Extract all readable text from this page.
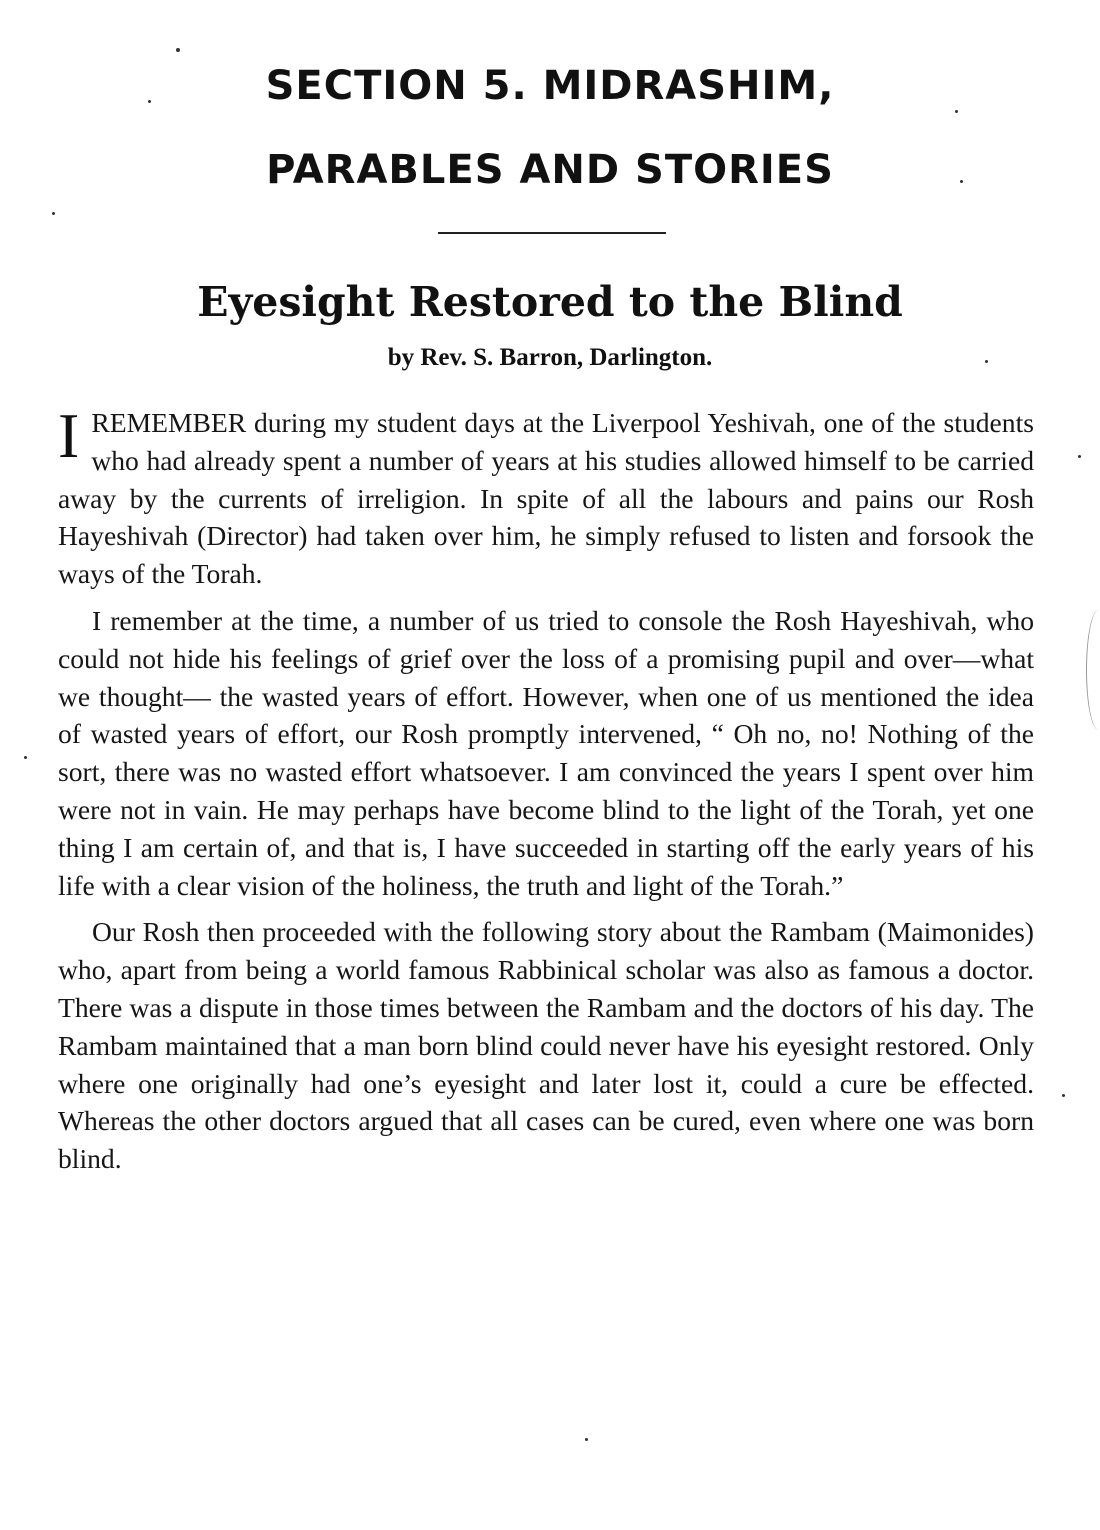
SECTION 5. MIDRASHIM,
PARABLES AND STORIES
Eyesight Restored to the Blind
by Rev. S. Barron, Darlington.

IREMEMBER during my student days at the Liverpool Yeshivah, one of the students who had already spent a number of years at his studies allowed himself to be carried away by the currents of irreligion. In spite of all the labours and pains our Rosh Hayeshivah (Director) had taken over him, he simply refused to listen and forsook the ways of the Torah.

I remember at the time, a number of us tried to console the Rosh Hayeshivah, who could not hide his feelings of grief over the loss of a promising pupil and over—what we thought— the wasted years of effort. However, when one of us mentioned the idea of wasted years of effort, our Rosh promptly intervened, “ Oh no, no! Nothing of the sort, there was no wasted effort whatsoever. I am convinced the years I spent over him were not in vain. He may perhaps have become blind to the light of the Torah, yet one thing I am certain of, and that is, I have succeeded in starting off the early years of his life with a clear vision of the holiness, the truth and light of the Torah.”

Our Rosh then proceeded with the following story about the Rambam (Maimonides) who, apart from being a world famous Rabbinical scholar was also as famous a doctor. There was a dispute in those times between the Rambam and the doctors of his day. The Rambam maintained that a man born blind could never have his eyesight restored. Only where one originally had one’s eyesight and later lost it, could a cure be effected. Whereas the other doctors argued that all cases can be cured, even where one was born blind.
